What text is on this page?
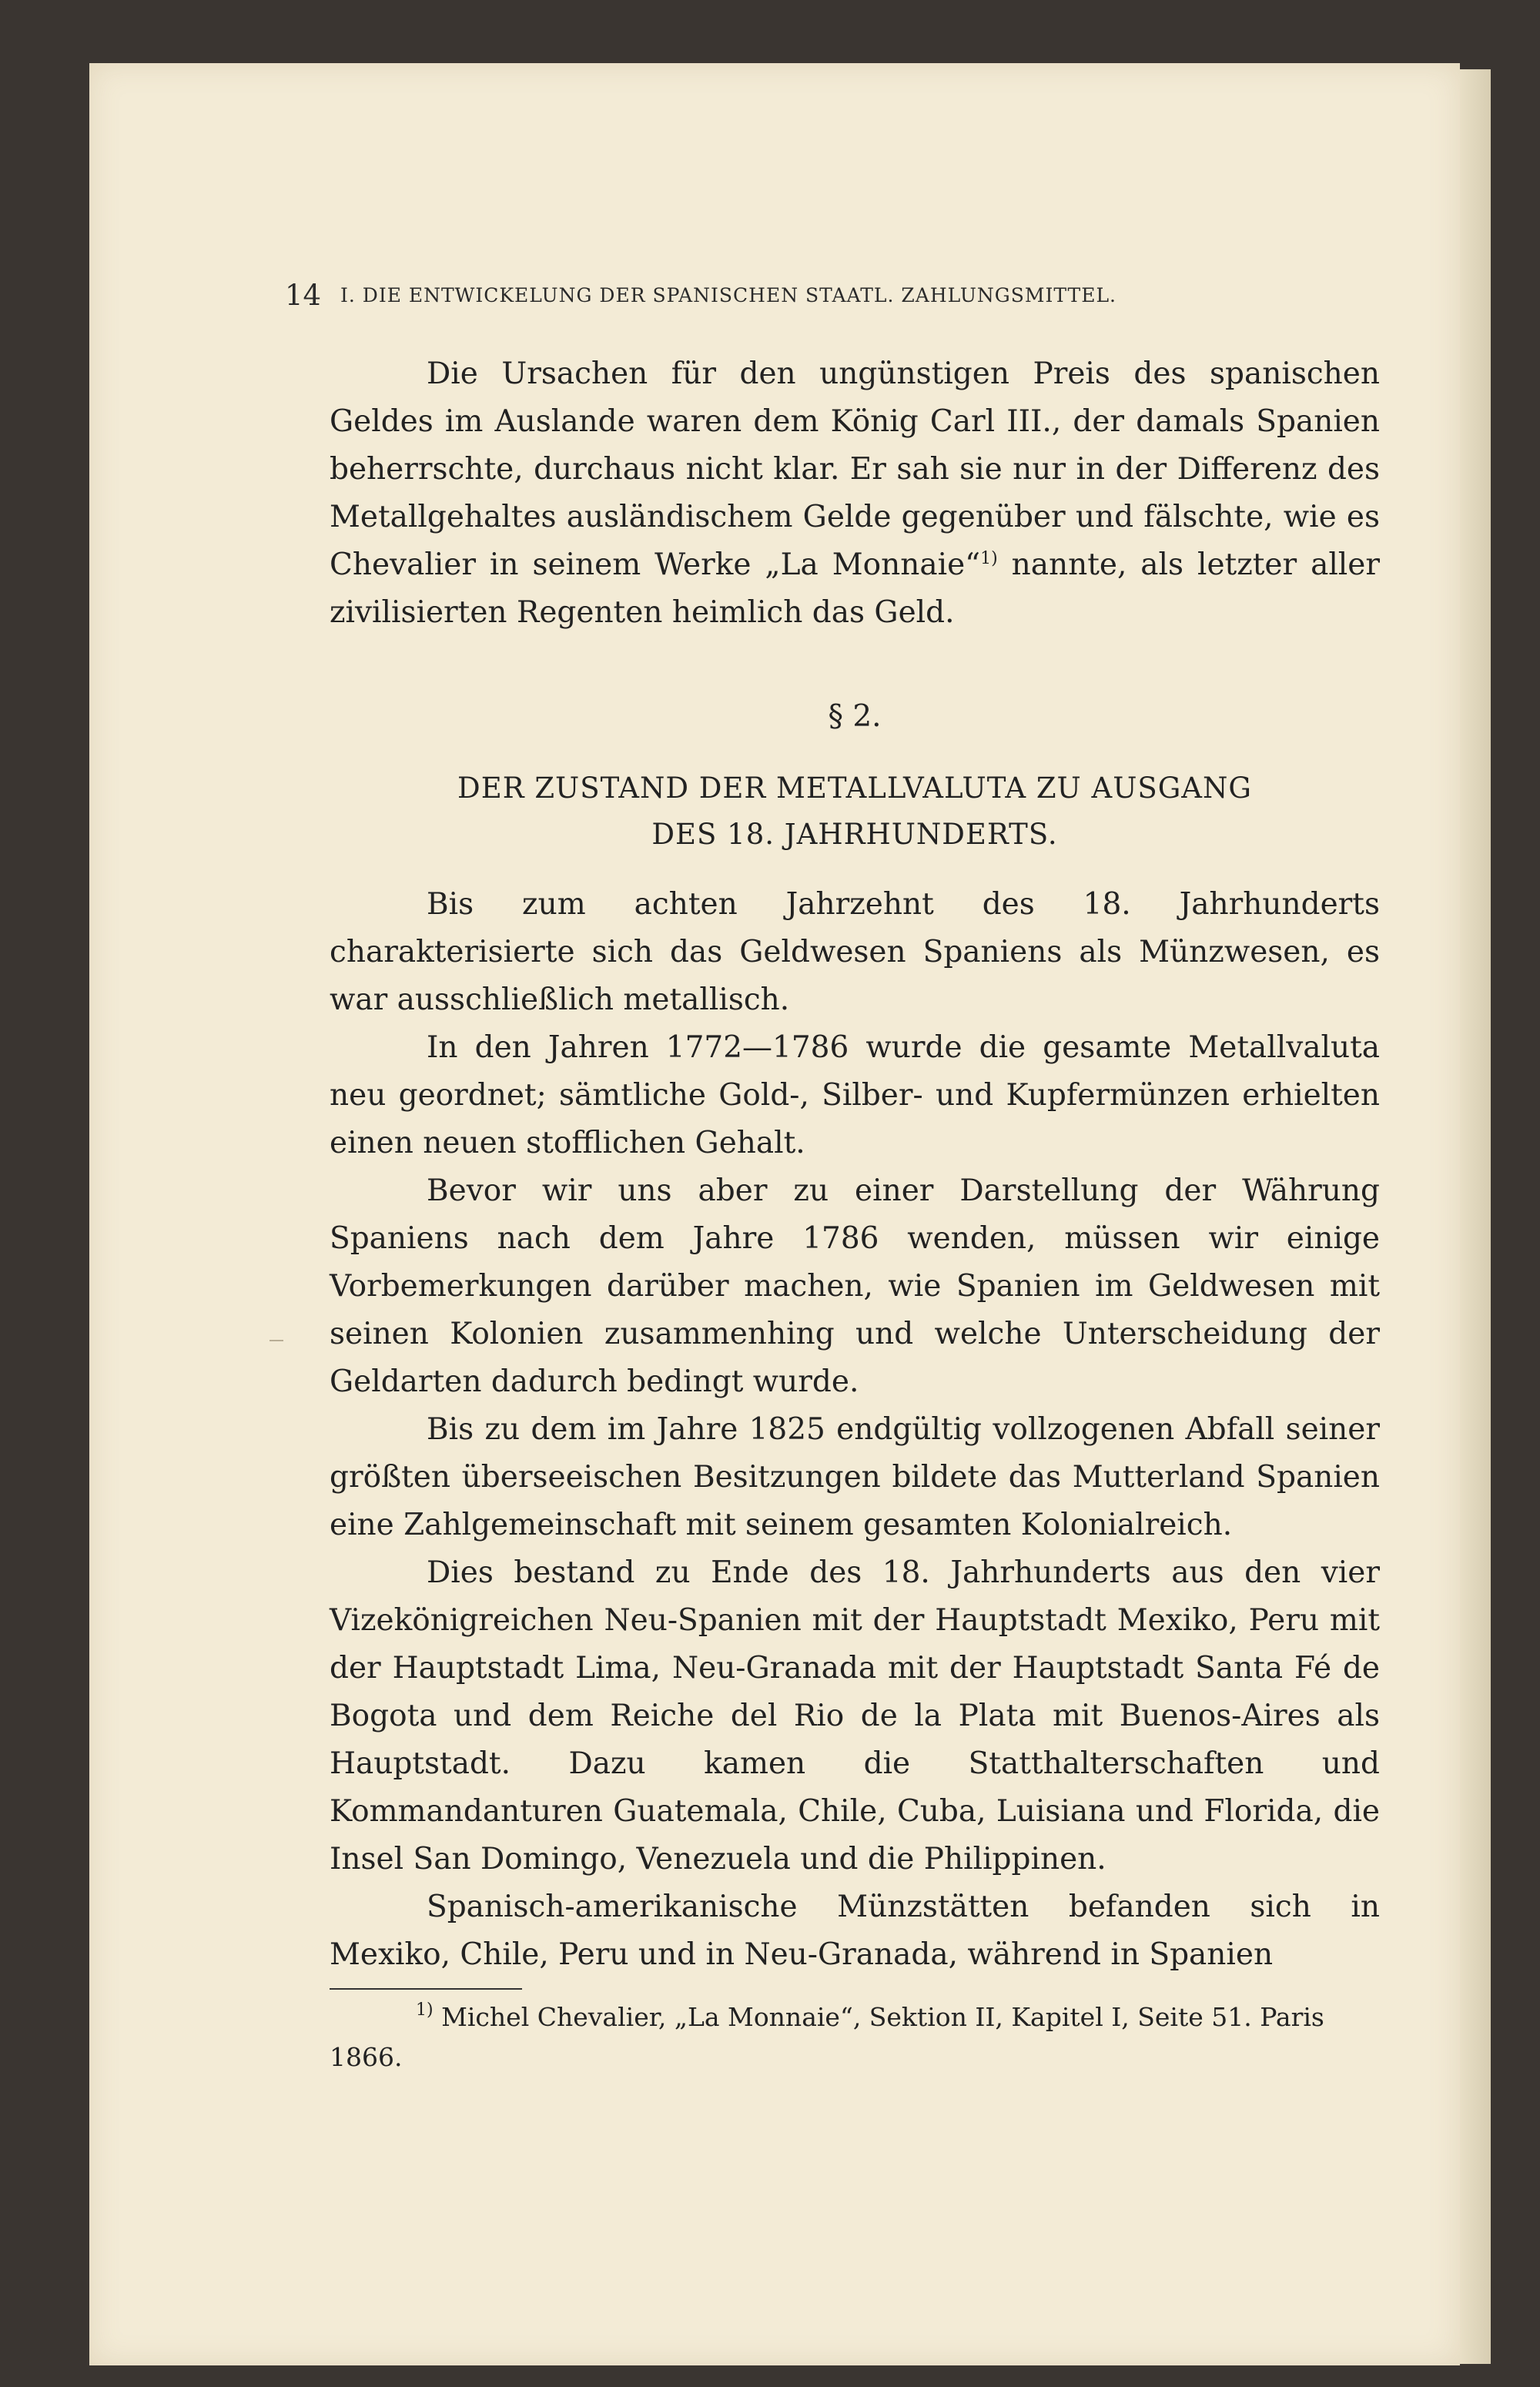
14 I. DIE ENTWICKELUNG DER SPANISCHEN STAATL. ZAHLUNGSMITTEL.

Die Ursachen für den ungünstigen Preis des spanischen Geldes im Auslande waren dem König Carl III., der damals Spanien beherrschte, durchaus nicht klar. Er sah sie nur in der Differenz des Metallgehaltes ausländischem Gelde gegenüber und fälschte, wie es Chevalier in seinem Werke „La Monnaie“$^{1)}$ nannte, als letzter aller zivilisierten Regenten heimlich das Geld.

§ 2.
DER ZUSTAND DER METALLVALUTA ZU AUSGANG
DES 18. JAHRHUNDERTS.

Bis zum achten Jahrzehnt des 18. Jahrhunderts charakterisierte sich das Geldwesen Spaniens als Münzwesen, es war ausschließlich metallisch.

In den Jahren 1772—1786 wurde die gesamte Metallvaluta neu geordnet; sämtliche Gold-, Silber- und Kupfermünzen erhielten einen neuen stofflichen Gehalt.

Bevor wir uns aber zu einer Darstellung der Währung Spaniens nach dem Jahre 1786 wenden, müssen wir einige Vorbemerkungen darüber machen, wie Spanien im Geldwesen mit seinen Kolonien zusammenhing und welche Unterscheidung der Geldarten dadurch bedingt wurde.

Bis zu dem im Jahre 1825 endgültig vollzogenen Abfall seiner größten überseeischen Besitzungen bildete das Mutterland Spanien eine Zahlgemeinschaft mit seinem gesamten Kolonialreich.

Dies bestand zu Ende des 18. Jahrhunderts aus den vier Vizekönigreichen Neu-Spanien mit der Hauptstadt Mexiko, Peru mit der Hauptstadt Lima, Neu-Granada mit der Hauptstadt Santa Fé de Bogota und dem Reiche del Rio de la Plata mit Buenos-Aires als Hauptstadt. Dazu kamen die Statthalterschaften und Kommandanturen Guatemala, Chile, Cuba, Luisiana und Florida, die Insel San Domingo, Venezuela und die Philippinen.

Spanisch-amerikanische Münzstätten befanden sich in Mexiko, Chile, Peru und in Neu-Granada, während in Spanien

$^{1)}$ Michel Chevalier, „La Monnaie“, Sektion II, Kapitel I, Seite 51. Paris 1866.
